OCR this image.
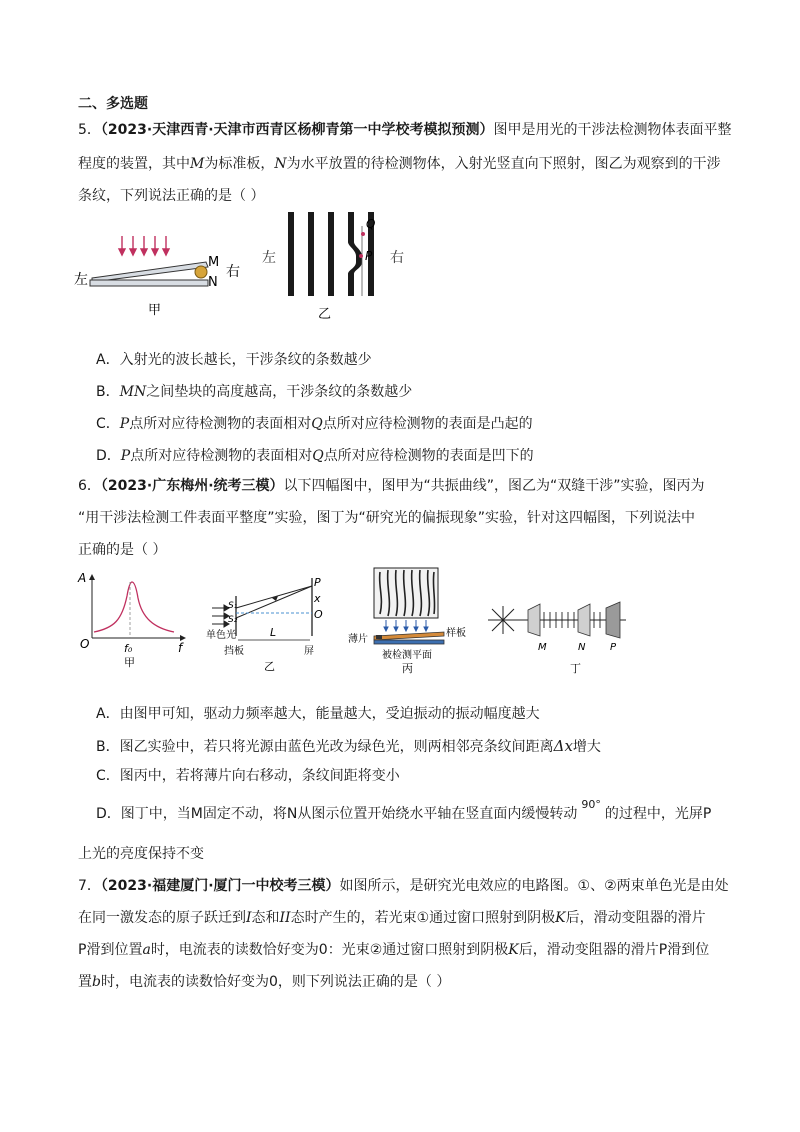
二、多选题
5．（2023·天津西青·天津市西青区杨柳青第一中学校考模拟预测）图甲是用光的干涉法检测物体表面平整
程度的装置，其中M为标准板，N为水平放置的待检测物体，入射光竖直向下照射，图乙为观察到的干涉
条纹，下列说法正确的是（ ）
M
N
左	右
甲
Q
P
左	右
乙
A．入射光的波长越长，干涉条纹的条数越少
B．MN之间垫块的高度越高，干涉条纹的条数越少
C．P点所对应待检测物的表面相对Q点所对应待检测物的表面是凸起的
D．P点所对应待检测物的表面相对Q点所对应待检测物的表面是凹下的
6．（2023·广东梅州·统考三模）以下四幅图中，图甲为“共振曲线”，图乙为“双缝干涉”实验，图丙为
“用干涉法检测工件表面平整度”实验，图丁为“研究光的偏振现象”实验，针对这四幅图，下列说法中
正确的是（ ）
A
O	f₀	f
甲
P
x
O
S₁
S₂
L
单色光
挡板	屏
乙
薄片
样板
被检测平面
丙
M	N P
丁
A．由图甲可知，驱动力频率越大，能量越大，受迫振动的振动幅度越大
B．图乙实验中，若只将光源由蓝色光改为绿色光，则两相邻亮条纹间距离Δx增大
C．图丙中，若将薄片向右移动，条纹间距将变小
D．图丁中，当M固定不动，将N从图示位置开始绕水平轴在竖直面内缓慢转动$^{90^\circ}$的过程中，光屏P
上光的亮度保持不变
7．（2023·福建厦门·厦门一中校考三模）如图所示，是研究光电效应的电路图。①、②两束单色光是由处
在同一激发态的原子跃迁到I态和II态时产生的，若光束①通过窗口照射到阴极K后，滑动变阻器的滑片
P滑到位置a时，电流表的读数恰好变为0：光束②通过窗口照射到阴极K后，滑动变阻器的滑片P滑到位
置b时，电流表的读数恰好变为0，则下列说法正确的是（ ）
